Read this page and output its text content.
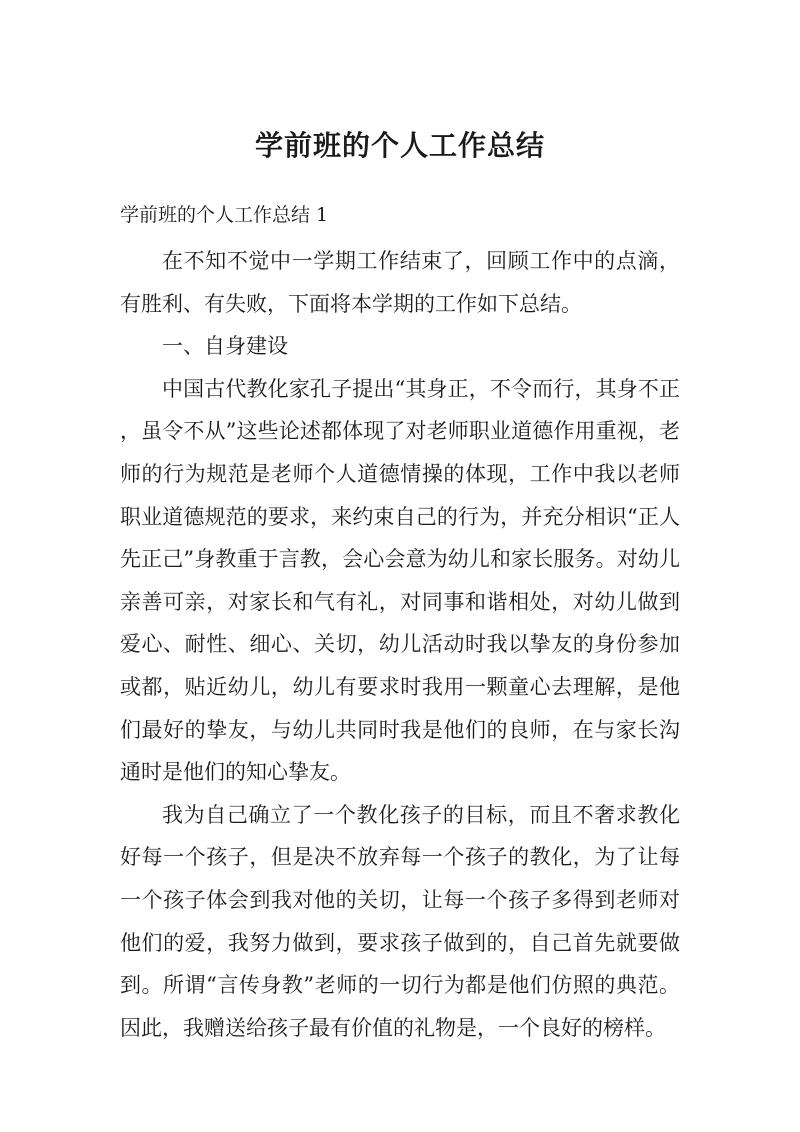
学前班的个人工作总结
学前班的个人工作总结 1

在不知不觉中一学期工作结束了，回顾工作中的点滴，有胜利、有失败，下面将本学期的工作如下总结。

一、自身建设

中国古代教化家孔子提出“其身正，不令而行，其身不正，虽令不从”这些论述都体现了对老师职业道德作用重视，老师的行为规范是老师个人道德情操的体现，工作中我以老师职业道德规范的要求，来约束自己的行为，并充分相识“正人先正己”身教重于言教，会心会意为幼儿和家长服务。对幼儿亲善可亲，对家长和气有礼，对同事和谐相处，对幼儿做到爱心、耐性、细心、关切，幼儿活动时我以挚友的身份参加或都，贴近幼儿，幼儿有要求时我用一颗童心去理解，是他们最好的挚友，与幼儿共同时我是他们的良师，在与家长沟通时是他们的知心挚友。

我为自己确立了一个教化孩子的目标，而且不奢求教化好每一个孩子，但是决不放弃每一个孩子的教化，为了让每一个孩子体会到我对他的关切，让每一个孩子多得到老师对他们的爱，我努力做到，要求孩子做到的，自己首先就要做到。所谓“言传身教”老师的一切行为都是他们仿照的典范。因此，我赠送给孩子最有价值的礼物是，一个良好的榜样。
